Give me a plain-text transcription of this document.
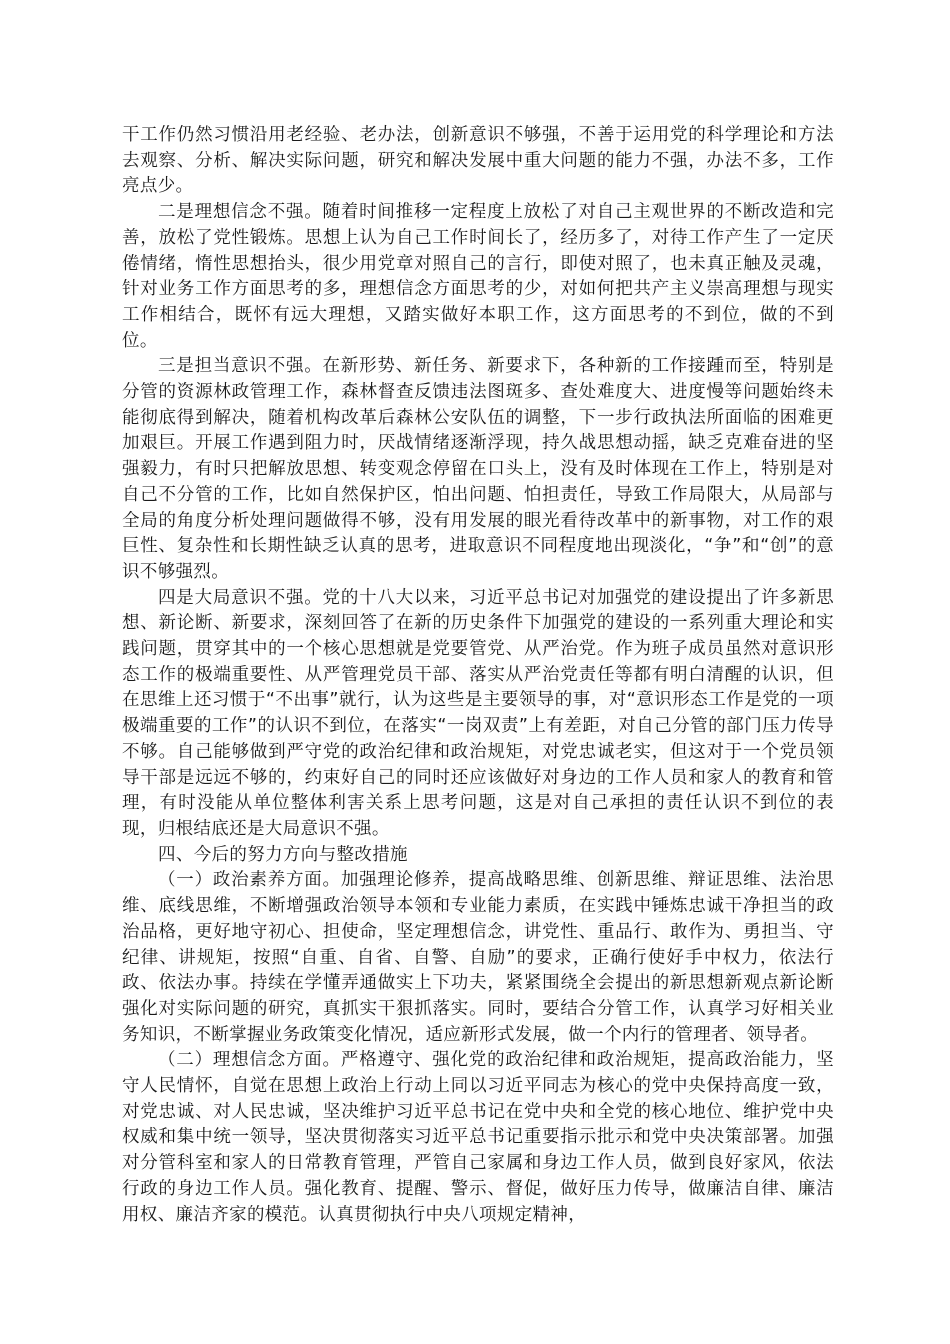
干工作仍然习惯沿用老经验、老办法，创新意识不够强，不善于运用党的科学理论和方法去观察、分析、解决实际问题，研究和解决发展中重大问题的能力不强，办法不多，工作亮点少。

二是理想信念不强。随着时间推移一定程度上放松了对自己主观世界的不断改造和完善，放松了党性锻炼。思想上认为自己工作时间长了，经历多了，对待工作产生了一定厌倦情绪，惰性思想抬头，很少用党章对照自己的言行，即使对照了，也未真正触及灵魂，针对业务工作方面思考的多，理想信念方面思考的少，对如何把共产主义崇高理想与现实工作相结合，既怀有远大理想，又踏实做好本职工作，这方面思考的不到位，做的不到位。

三是担当意识不强。在新形势、新任务、新要求下，各种新的工作接踵而至，特别是分管的资源林政管理工作，森林督查反馈违法图斑多、查处难度大、进度慢等问题始终未能彻底得到解决，随着机构改革后森林公安队伍的调整，下一步行政执法所面临的困难更加艰巨。开展工作遇到阻力时，厌战情绪逐渐浮现，持久战思想动摇，缺乏克难奋进的坚强毅力，有时只把解放思想、转变观念停留在口头上，没有及时体现在工作上，特别是对自己不分管的工作，比如自然保护区，怕出问题、怕担责任，导致工作局限大，从局部与全局的角度分析处理问题做得不够，没有用发展的眼光看待改革中的新事物，对工作的艰巨性、复杂性和长期性缺乏认真的思考，进取意识不同程度地出现淡化，“争”和“创”的意识不够强烈。

四是大局意识不强。党的十八大以来，习近平总书记对加强党的建设提出了许多新思想、新论断、新要求，深刻回答了在新的历史条件下加强党的建设的一系列重大理论和实践问题，贯穿其中的一个核心思想就是党要管党、从严治党。作为班子成员虽然对意识形态工作的极端重要性、从严管理党员干部、落实从严治党责任等都有明白清醒的认识，但在思维上还习惯于“不出事”就行，认为这些是主要领导的事，对“意识形态工作是党的一项极端重要的工作”的认识不到位，在落实“一岗双责”上有差距，对自己分管的部门压力传导不够。自己能够做到严守党的政治纪律和政治规矩，对党忠诚老实，但这对于一个党员领导干部是远远不够的，约束好自己的同时还应该做好对身边的工作人员和家人的教育和管理，有时没能从单位整体利害关系上思考问题，这是对自己承担的责任认识不到位的表现，归根结底还是大局意识不强。

四、今后的努力方向与整改措施

（一）政治素养方面。加强理论修养，提高战略思维、创新思维、辩证思维、法治思维、底线思维，不断增强政治领导本领和专业能力素质，在实践中锤炼忠诚干净担当的政治品格，更好地守初心、担使命，坚定理想信念，讲党性、重品行、敢作为、勇担当、守纪律、讲规矩，按照“自重、自省、自警、自励”的要求，正确行使好手中权力，依法行政、依法办事。持续在学懂弄通做实上下功夫，紧紧围绕全会提出的新思想新观点新论断强化对实际问题的研究，真抓实干狠抓落实。同时，要结合分管工作，认真学习好相关业务知识，不断掌握业务政策变化情况，适应新形式发展，做一个内行的管理者、领导者。

（二）理想信念方面。严格遵守、强化党的政治纪律和政治规矩，提高政治能力，坚守人民情怀，自觉在思想上政治上行动上同以习近平同志为核心的党中央保持高度一致，对党忠诚、对人民忠诚，坚决维护习近平总书记在党中央和全党的核心地位、维护党中央权威和集中统一领导，坚决贯彻落实习近平总书记重要指示批示和党中央决策部署。加强对分管科室和家人的日常教育管理，严管自己家属和身边工作人员，做到良好家风，依法行政的身边工作人员。强化教育、提醒、警示、督促，做好压力传导，做廉洁自律、廉洁用权、廉洁齐家的模范。认真贯彻执行中央八项规定精神，
